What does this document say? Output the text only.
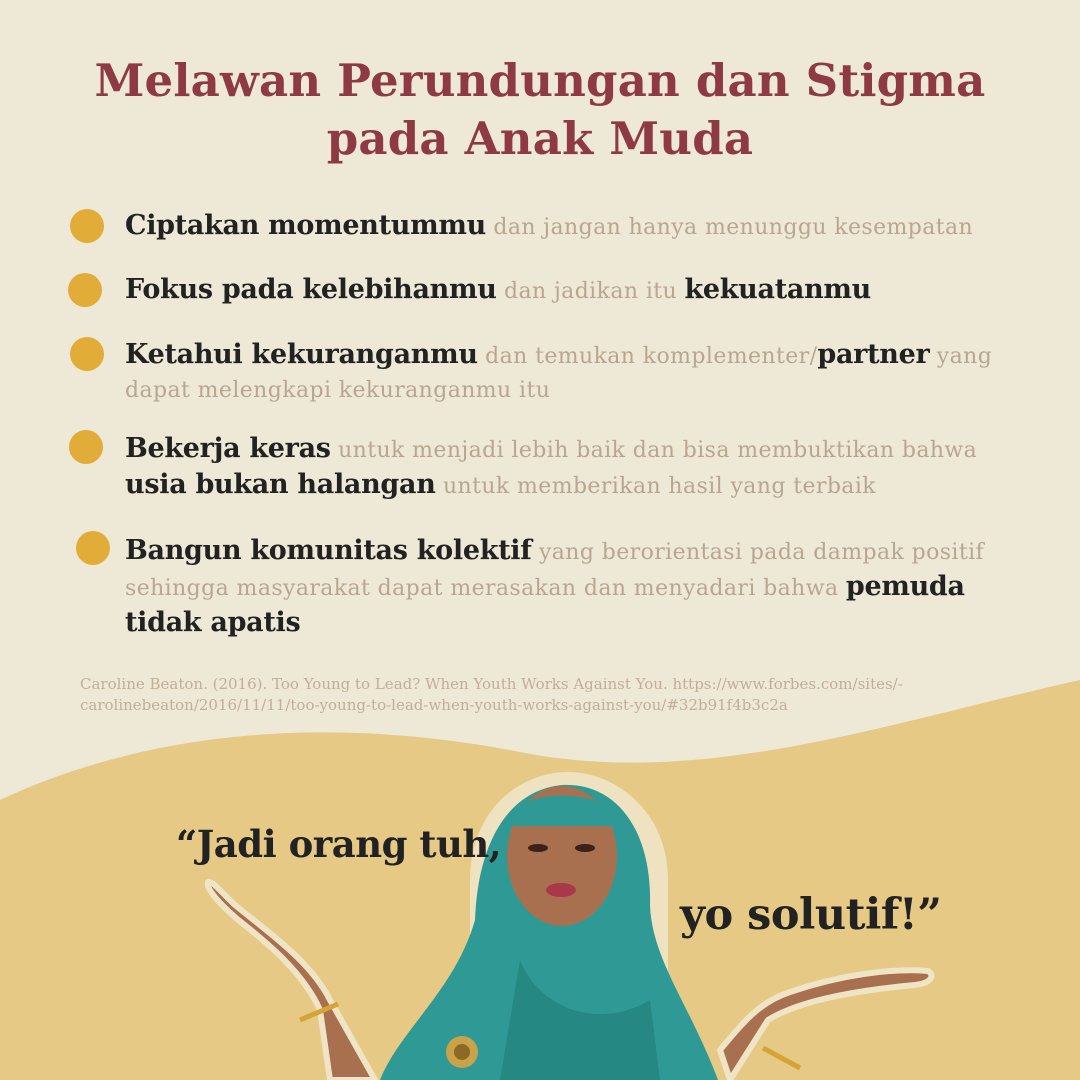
Melawan Perundungan dan Stigma
pada Anak Muda
Ciptakan momentummu dan jangan hanya menunggu kesempatan
Fokus pada kelebihanmu dan jadikan itu kekuatanmu
Ketahui kekuranganmu dan temukan komplementer/partner yang
dapat melengkapi kekuranganmu itu
Bekerja keras untuk menjadi lebih baik dan bisa membuktikan bahwa
usia bukan halangan untuk memberikan hasil yang terbaik
Bangun komunitas kolektif yang berorientasi pada dampak positif
sehingga masyarakat dapat merasakan dan menyadari bahwa pemuda
tidak apatis
Caroline Beaton. (2016). Too Young to Lead? When Youth Works Against You. https://www.forbes.com/sites/-
carolinebeaton/2016/11/11/too-young-to-lead-when-youth-works-against-you/#32b91f4b3c2a
“Jadi orang tuh,
yo solutif!”
